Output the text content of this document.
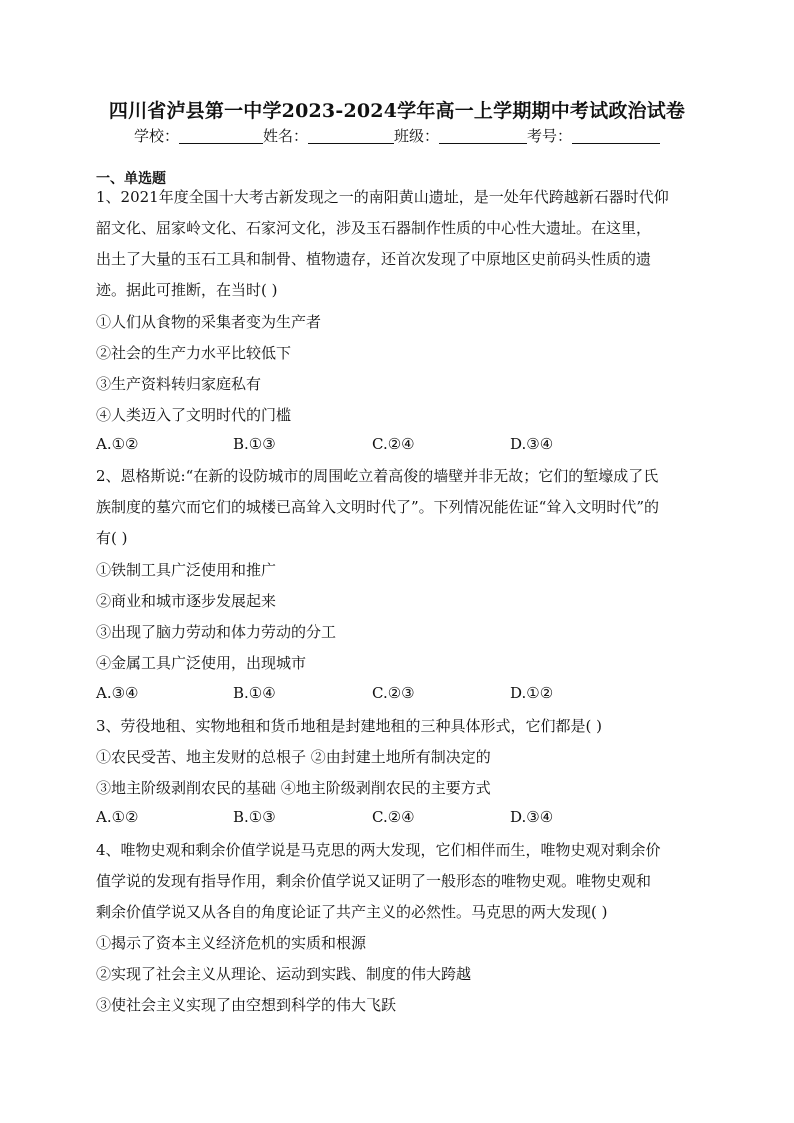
四川省泸县第一中学2023-2024学年高一上学期期中考试政治试卷
学校：	姓名：	班级：	考号：
一、单选题
1、2021年度全国十大考古新发现之一的南阳黄山遗址，是一处年代跨越新石器时代仰
韶文化、屈家岭文化、石家河文化，涉及玉石器制作性质的中心性大遗址。在这里，
出土了大量的玉石工具和制骨、植物遗存，还首次发现了中原地区史前码头性质的遗
迹。据此可推断，在当时( )
①人们从食物的采集者变为生产者
②社会的生产力水平比较低下
③生产资料转归家庭私有
④人类迈入了文明时代的门槛
A.①②	B.①③	C.②④	D.③④
2、恩格斯说:“在新的设防城市的周围屹立着高俊的墙壁并非无故；它们的堑壕成了氏
族制度的墓穴而它们的城楼已高耸入文明时代了”。下列情况能佐证“耸入文明时代”的
有( )
①铁制工具广泛使用和推广
②商业和城市逐步发展起来
③出现了脑力劳动和体力劳动的分工
④金属工具广泛使用，出现城市
A.③④	B.①④	C.②③	D.①②
3、劳役地租、实物地租和货币地租是封建地租的三种具体形式，它们都是( )
①农民受苦、地主发财的总根子 ②由封建土地所有制决定的
③地主阶级剥削农民的基础 ④地主阶级剥削农民的主要方式
A.①②	B.①③	C.②④	D.③④
4、唯物史观和剩余价值学说是马克思的两大发现，它们相伴而生，唯物史观对剩余价
值学说的发现有指导作用，剩余价值学说又证明了一般形态的唯物史观。唯物史观和
剩余价值学说又从各自的角度论证了共产主义的必然性。马克思的两大发现( )
①揭示了资本主义经济危机的实质和根源
②实现了社会主义从理论、运动到实践、制度的伟大跨越
③使社会主义实现了由空想到科学的伟大飞跃
